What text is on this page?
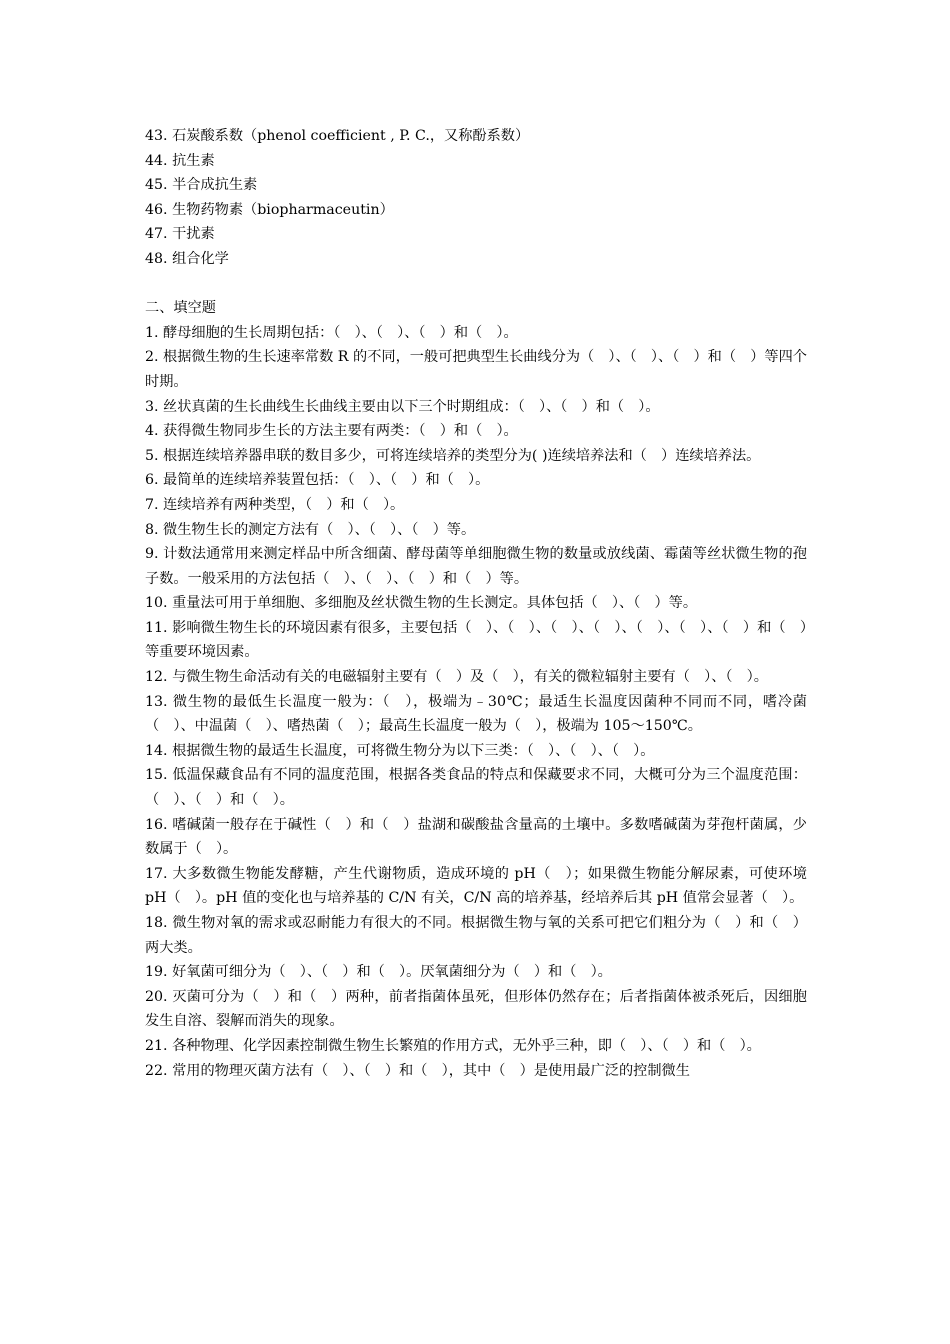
43. 石炭酸系数（phenol coefficient , P. C.，又称酚系数）
44. 抗生素
45. 半合成抗生素
46. 生物药物素（biopharmaceutin）
47. 干扰素
48. 组合化学
二、填空题
1. 酵母细胞的生长周期包括：（　）、（　）、（　）和（　）。
2. 根据微生物的生长速率常数 R 的不同，一般可把典型生长曲线分为（　）、（　）、（　）和（　）等四个时期。
3. 丝状真菌的生长曲线生长曲线主要由以下三个时期组成：（　）、（　）和（　）。
4. 获得微生物同步生长的方法主要有两类：（　）和（　）。
5. 根据连续培养器串联的数目多少，可将连续培养的类型分为( )连续培养法和（　）连续培养法。
6. 最简单的连续培养装置包括：（　）、（　）和（　）。
7. 连续培养有两种类型，（　）和（　）。
8. 微生物生长的测定方法有（　）、（　）、（　）等。
9. 计数法通常用来测定样品中所含细菌、酵母菌等单细胞微生物的数量或放线菌、霉菌等丝状微生物的孢子数。一般采用的方法包括（　）、（　）、（　）和（　）等。
10. 重量法可用于单细胞、多细胞及丝状微生物的生长测定。具体包括（　）、（　）等。
11. 影响微生物生长的环境因素有很多，主要包括（　）、（　）、（　）、（　）、（　）、（　）、（　）和（　）等重要环境因素。
12. 与微生物生命活动有关的电磁辐射主要有（　）及（　），有关的微粒辐射主要有（　）、（　）。
13. 微生物的最低生长温度一般为：（　），极端为﹣30℃；最适生长温度因菌种不同而不同，嗜冷菌（　）、中温菌（　）、嗜热菌（　）；最高生长温度一般为（　），极端为 105～150℃。
14. 根据微生物的最适生长温度，可将微生物分为以下三类：（　）、（　）、（　）。
15. 低温保藏食品有不同的温度范围，根据各类食品的特点和保藏要求不同，大概可分为三个温度范围：（　）、（　）和（　）。
16. 嗜碱菌一般存在于碱性（　）和（　）盐湖和碳酸盐含量高的土壤中。多数嗜碱菌为芽孢杆菌属，少数属于（　）。
17. 大多数微生物能发酵糖，产生代谢物质，造成环境的 pH（　）；如果微生物能分解尿素，可使环境 pH（　）。pH 值的变化也与培养基的 C/N 有关，C/N 高的培养基，经培养后其 pH 值常会显著（　）。
18. 微生物对氧的需求或忍耐能力有很大的不同。根据微生物与氧的关系可把它们粗分为（　）和（　）两大类。
19. 好氧菌可细分为（　）、（　）和（　）。厌氧菌细分为（　）和（　）。
20. 灭菌可分为（　）和（　）两种，前者指菌体虽死，但形体仍然存在；后者指菌体被杀死后，因细胞发生自溶、裂解而消失的现象。
21. 各种物理、化学因素控制微生物生长繁殖的作用方式，无外乎三种，即（　）、（　）和（　）。
22. 常用的物理灭菌方法有（　）、（　）和（　），其中（　）是使用最广泛的控制微生
